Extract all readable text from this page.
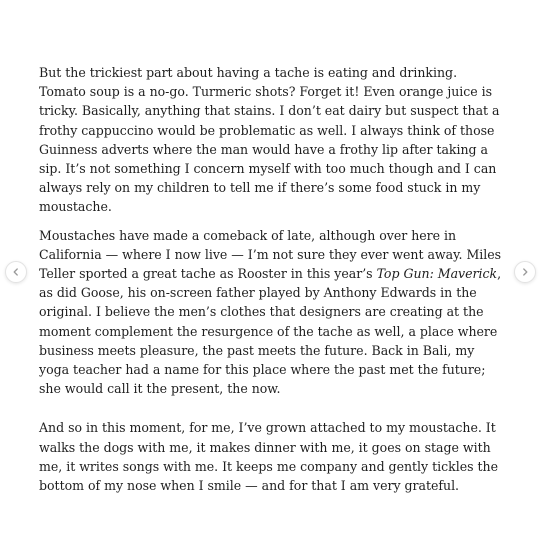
But the trickiest part about having a tache is eating and drinking. Tomato soup is a no-go. Turmeric shots? Forget it! Even orange juice is tricky. Basically, anything that stains. I don’t eat dairy but suspect that a frothy cappuccino would be problematic as well. I always think of those Guinness adverts where the man would have a frothy lip after taking a sip. It’s not something I concern myself with too much though and I can always rely on my children to tell me if there’s some food stuck in my moustache.

Moustaches have made a comeback of late, although over here in California — where I now live — I’m not sure they ever went away. Miles Teller sported a great tache as Rooster in this year’s Top Gun: Maverick, as did Goose, his on-screen father played by Anthony Edwards in the original. I believe the men’s clothes that designers are creating at the moment complement the resurgence of the tache as well, a place where business meets pleasure, the past meets the future. Back in Bali, my yoga teacher had a name for this place where the past met the future; she would call it the present, the now.

And so in this moment, for me, I’ve grown attached to my moustache. It walks the dogs with me, it makes dinner with me, it goes on stage with me, it writes songs with me. It keeps me company and gently tickles the bottom of my nose when I smile — and for that I am very grateful.
